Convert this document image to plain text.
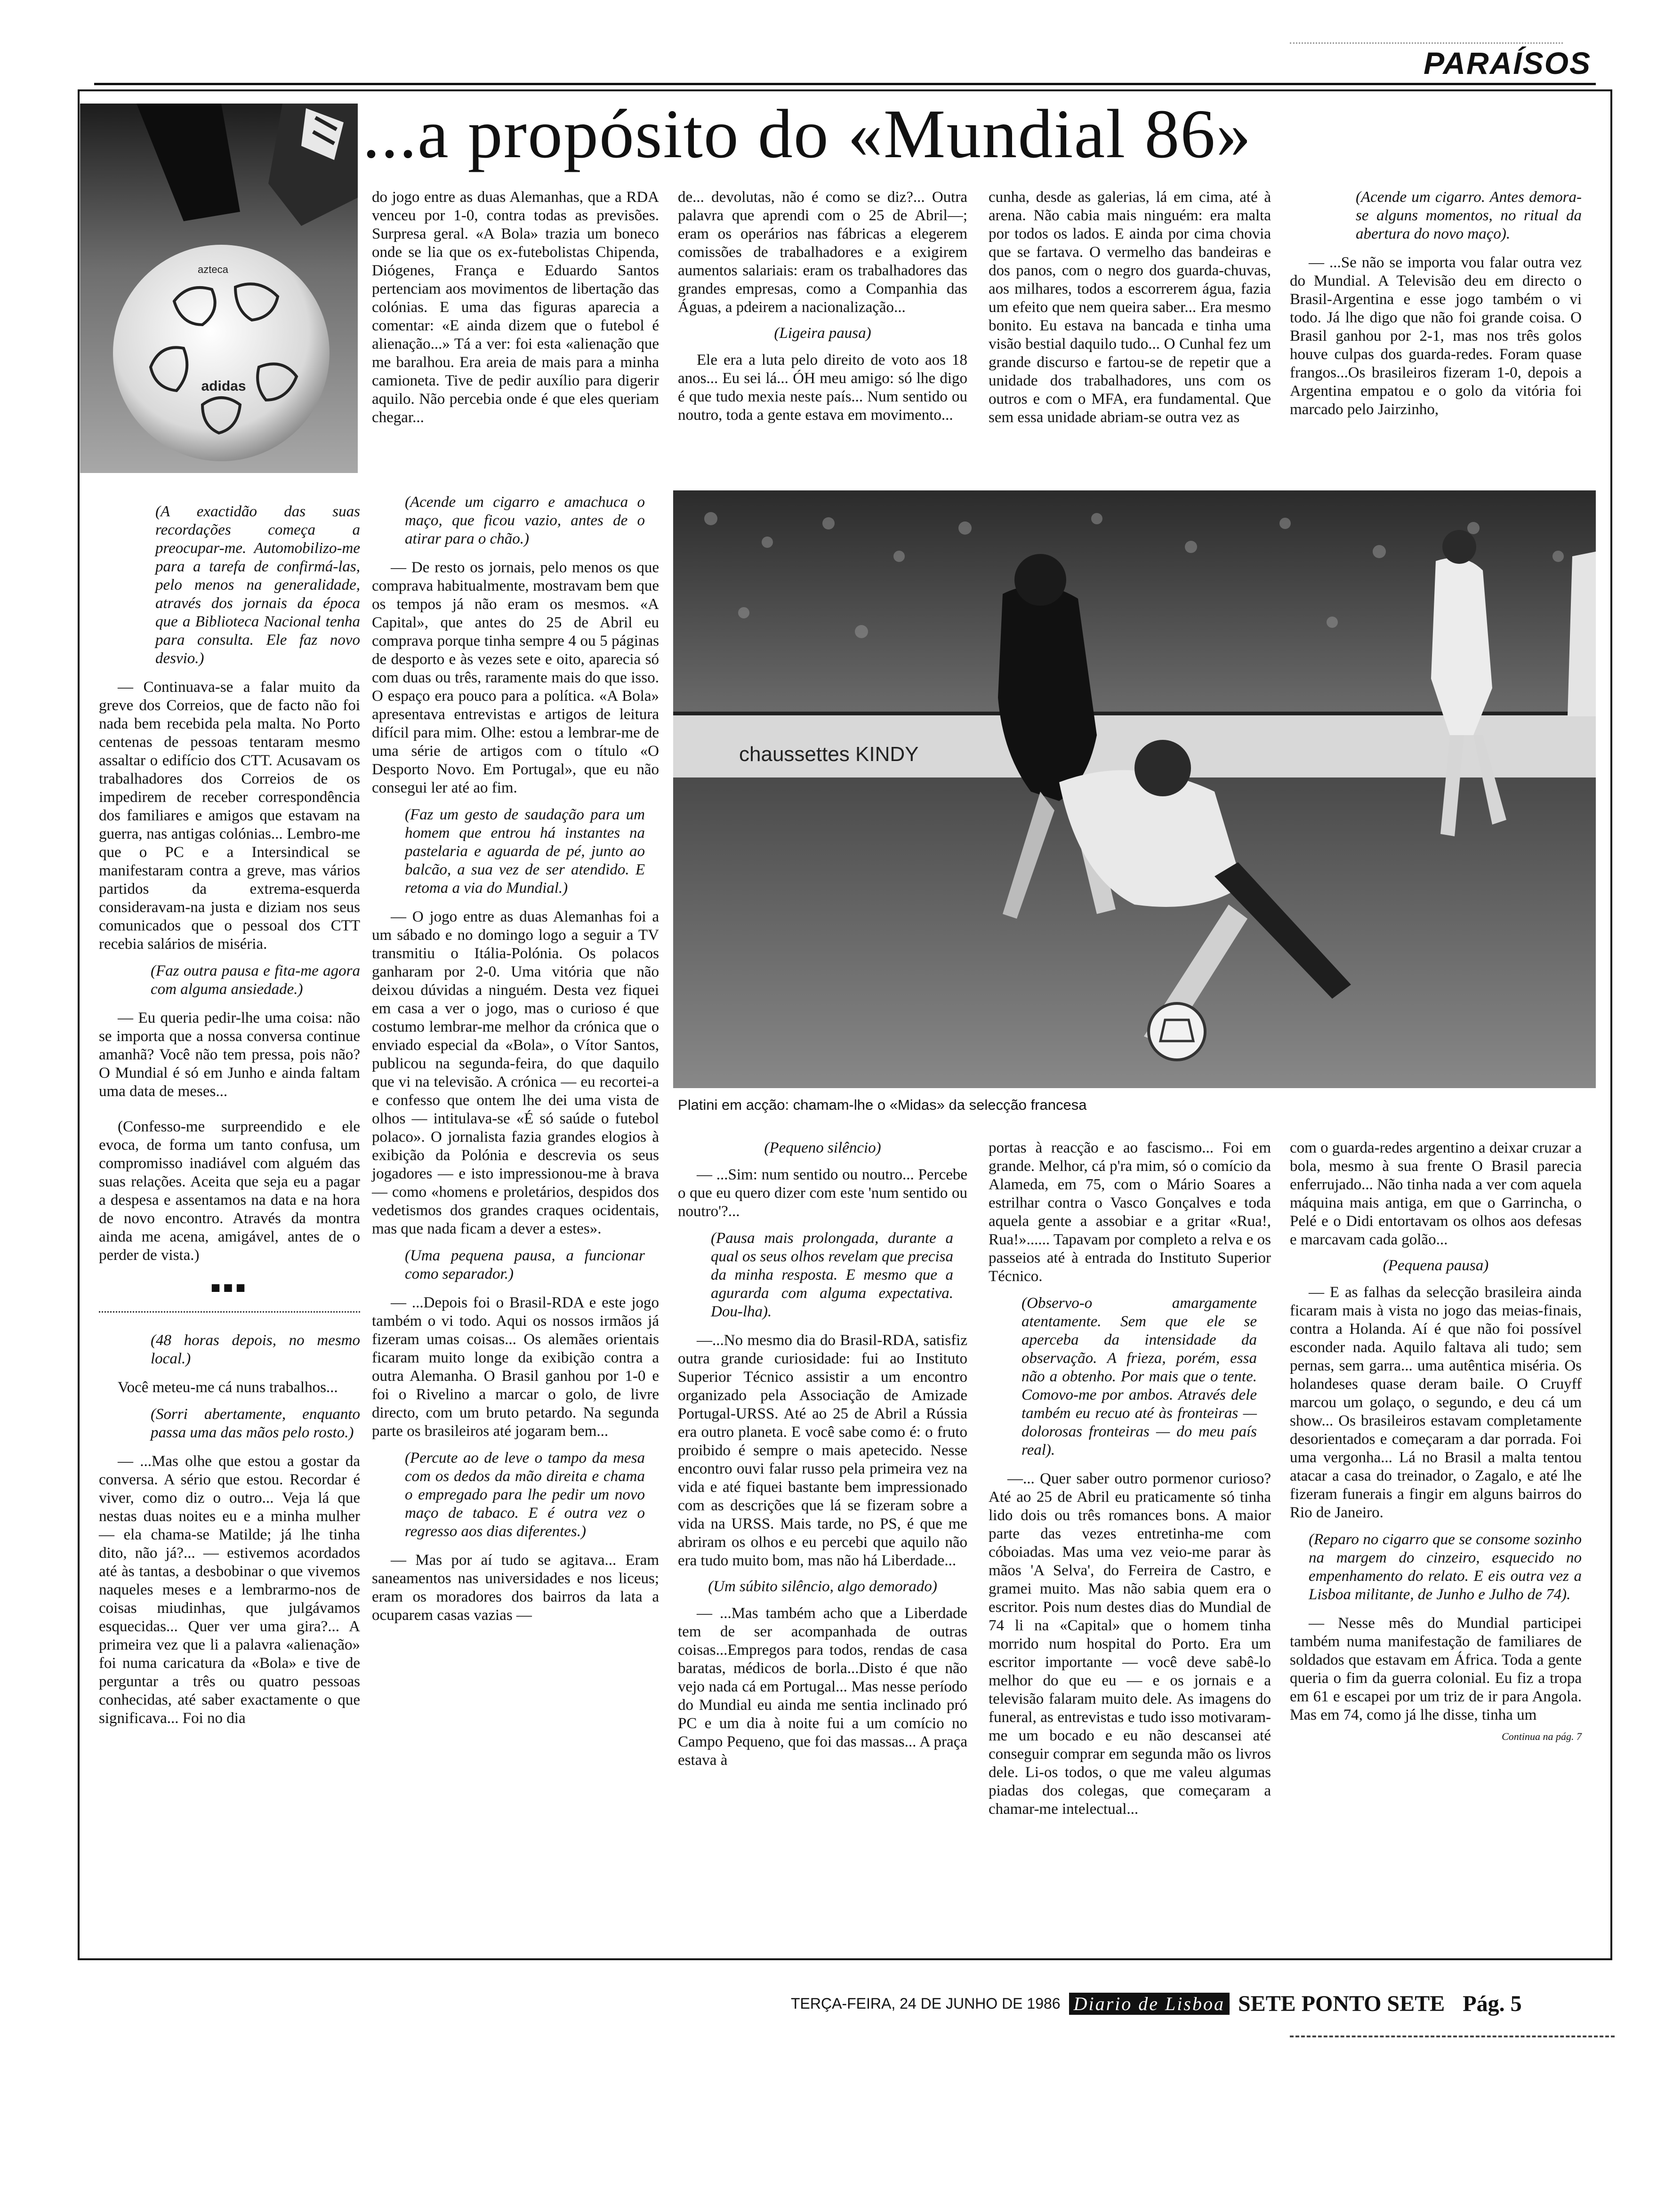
PARAÍSOS
adidas
azteca
...a propósito do «Mundial 86»

(A exactidão das suas recordações começa a preocupar-me. Automobilizo-me para a tarefa de confirmá-las, pelo menos na generalidade, através dos jornais da época que a Biblioteca Nacional tenha para consulta. Ele faz novo desvio.)

— Continuava-se a falar muito da greve dos Correios, que de facto não foi nada bem recebida pela malta. No Porto centenas de pessoas tentaram mesmo assaltar o edifício dos CTT. Acusavam os trabalhadores dos Correios de os impedirem de receber correspondência dos familiares e amigos que estavam na guerra, nas antigas colónias... Lembro-me que o PC e a Intersindical se manifestaram contra a greve, mas vários partidos da extrema-esquerda consideravam-na justa e diziam nos seus comunicados que o pessoal dos CTT recebia salários de miséria.

(Faz outra pausa e fita-me agora com alguma ansiedade.)

— Eu queria pedir-lhe uma coisa: não se importa que a nossa conversa continue amanhã? Você não tem pressa, pois não? O Mundial é só em Junho e ainda faltam uma data de meses...

(Confesso-me surpreendido e ele evoca, de forma um tanto confusa, um compromisso inadiável com alguém das suas relações. Aceita que seja eu a pagar a despesa e assentamos na data e na hora de novo encontro. Através da montra ainda me acena, amigável, antes de o perder de vista.)

■■■

(48 horas depois, no mesmo local.)

Você meteu-me cá nuns trabalhos...

(Sorri abertamente, enquanto passa uma das mãos pelo rosto.)

— ...Mas olhe que estou a gostar da conversa. A sério que estou. Recordar é viver, como diz o outro... Veja lá que nestas duas noites eu e a minha mulher — ela chama-se Matilde; já lhe tinha dito, não já?... — estivemos acordados até às tantas, a desbobinar o que vivemos naqueles meses e a lembrarmo-nos de coisas miudinhas, que julgávamos esquecidas... Quer ver uma gira?... A primeira vez que li a palavra «alienação» foi numa caricatura da «Bola» e tive de perguntar a três ou quatro pessoas conhecidas, até saber exactamente o que significava... Foi no dia

do jogo entre as duas Alemanhas, que a RDA venceu por 1-0, contra todas as previsões. Surpresa geral. «A Bola» trazia um boneco onde se lia que os ex-futebolistas Chipenda, Diógenes, França e Eduardo Santos pertenciam aos movimentos de libertação das colónias. E uma das figuras aparecia a comentar: «E ainda dizem que o futebol é alienação...» Tá a ver: foi esta «alienação que me baralhou. Era areia de mais para a minha camioneta. Tive de pedir auxílio para digerir aquilo. Não percebia onde é que eles queriam chegar...

(Acende um cigarro e amachuca o maço, que ficou vazio, antes de o atirar para o chão.)

— De resto os jornais, pelo menos os que comprava habitualmente, mostravam bem que os tempos já não eram os mesmos. «A Capital», que antes do 25 de Abril eu comprava porque tinha sempre 4 ou 5 páginas de desporto e às vezes sete e oito, aparecia só com duas ou três, raramente mais do que isso. O espaço era pouco para a política. «A Bola» apresentava entrevistas e artigos de leitura difícil para mim. Olhe: estou a lembrar-me de uma série de artigos com o título «O Desporto Novo. Em Portugal», que eu não consegui ler até ao fim.

(Faz um gesto de saudação para um homem que entrou há instantes na pastelaria e aguarda de pé, junto ao balcão, a sua vez de ser atendido. E retoma a via do Mundial.)

— O jogo entre as duas Alemanhas foi a um sábado e no domingo logo a seguir a TV transmitiu o Itália-Polónia. Os polacos ganharam por 2-0. Uma vitória que não deixou dúvidas a ninguém. Desta vez fiquei em casa a ver o jogo, mas o curioso é que costumo lembrar-me melhor da crónica que o enviado especial da «Bola», o Vítor Santos, publicou na segunda-feira, do que daquilo que vi na televisão. A crónica — eu recortei-a e confesso que ontem lhe dei uma vista de olhos — intitulava-se «É só saúde o futebol polaco». O jornalista fazia grandes elogios à exibição da Polónia e descrevia os seus jogadores — e isto impressionou-me à brava — como «homens e proletários, despidos dos vedetismos dos grandes craques ocidentais, mas que nada ficam a dever a estes».

(Uma pequena pausa, a funcionar como separador.)

— ...Depois foi o Brasil-RDA e este jogo também o vi todo. Aqui os nossos irmãos já fizeram umas coisas... Os alemães orientais ficaram muito longe da exibição contra a outra Alemanha. O Brasil ganhou por 1-0 e foi o Rivelino a marcar o golo, de livre directo, com um bruto petardo. Na segunda parte os brasileiros até jogaram bem...

(Percute ao de leve o tampo da mesa com os dedos da mão direita e chama o empregado para lhe pedir um novo maço de tabaco. E é outra vez o regresso aos dias diferentes.)

— Mas por aí tudo se agitava... Eram saneamentos nas universidades e nos liceus; eram os moradores dos bairros da lata a ocuparem casas vazias —

de... devolutas, não é como se diz?... Outra palavra que aprendi com o 25 de Abril—; eram os operários nas fábricas a elegerem comissões de trabalhadores e a exigirem aumentos salariais: eram os trabalhadores das grandes empresas, como a Companhia das Águas, a pdeirem a nacionalização...

(Ligeira pausa)

Ele era a luta pelo direito de voto aos 18 anos... Eu sei lá... ÓH meu amigo: só lhe digo é que tudo mexia neste país... Num sentido ou noutro, toda a gente estava em movimento...

cunha, desde as galerias, lá em cima, até à arena. Não cabia mais ninguém: era malta por todos os lados. E ainda por cima chovia que se fartava. O vermelho das bandeiras e dos panos, com o negro dos guarda-chuvas, aos milhares, todos a escorrerem água, fazia um efeito que nem queira saber... Era mesmo bonito. Eu estava na bancada e tinha uma visão bestial daquilo tudo... O Cunhal fez um grande discurso e fartou-se de repetir que a unidade dos trabalhadores, uns com os outros e com o MFA, era fundamental. Que sem essa unidade abriam-se outra vez as

(Acende um cigarro. Antes demora-se alguns momentos, no ritual da abertura do novo maço).

— ...Se não se importa vou falar outra vez do Mundial. A Televisão deu em directo o Brasil-Argentina e esse jogo também o vi todo. Já lhe digo que não foi grande coisa. O Brasil ganhou por 2-1, mas nos três golos houve culpas dos guarda-redes. Foram quase frangos...Os brasileiros fizeram 1-0, depois a Argentina empatou e o golo da vitória foi marcado pelo Jairzinho,

chaussettes KINDY
Platini em acção: chamam-lhe o «Midas» da selecção francesa

(Pequeno silêncio)

— ...Sim: num sentido ou noutro... Percebe o que eu quero dizer com este 'num sentido ou noutro'?...

(Pausa mais prolongada, durante a qual os seus olhos revelam que precisa da minha resposta. E mesmo que a agurarda com alguma expectativa. Dou-lha).

—...No mesmo dia do Brasil-RDA, satisfiz outra grande curiosidade: fui ao Instituto Superior Técnico assistir a um encontro organizado pela Associação de Amizade Portugal-URSS. Até ao 25 de Abril a Rússia era outro planeta. E você sabe como é: o fruto proibido é sempre o mais apetecido. Nesse encontro ouvi falar russo pela primeira vez na vida e até fiquei bastante bem impressionado com as descrições que lá se fizeram sobre a vida na URSS. Mais tarde, no PS, é que me abriram os olhos e eu percebi que aquilo não era tudo muito bom, mas não há Liberdade...

(Um súbito silêncio, algo demorado)

— ...Mas também acho que a Liberdade tem de ser acompanhada de outras coisas...Empregos para todos, rendas de casa baratas, médicos de borla...Disto é que não vejo nada cá em Portugal... Mas nesse período do Mundial eu ainda me sentia inclinado pró PC e um dia à noite fui a um comício no Campo Pequeno, que foi das massas... A praça estava à

portas à reacção e ao fascismo... Foi em grande. Melhor, cá p'ra mim, só o comício da Alameda, em 75, com o Mário Soares a estrilhar contra o Vasco Gonçalves e toda aquela gente a assobiar e a gritar «Rua!, Rua!»...... Tapavam por completo a relva e os passeios até à entrada do Instituto Superior Técnico.

(Observo-o amargamente atentamente. Sem que ele se aperceba da intensidade da observação. A frieza, porém, essa não a obtenho. Por mais que o tente. Comovo-me por ambos. Através dele também eu recuo até às fronteiras — dolorosas fronteiras — do meu país real).

—... Quer saber outro pormenor curioso? Até ao 25 de Abril eu praticamente só tinha lido dois ou três romances bons. A maior parte das vezes entretinha-me com cóboiadas. Mas uma vez veio-me parar às mãos 'A Selva', do Ferreira de Castro, e gramei muito. Mas não sabia quem era o escritor. Pois num destes dias do Mundial de 74 li na «Capital» que o homem tinha morrido num hospital do Porto. Era um escritor importante — você deve sabê-lo melhor do que eu — e os jornais e a televisão falaram muito dele. As imagens do funeral, as entrevistas e tudo isso motivaram-me um bocado e eu não descansei até conseguir comprar em segunda mão os livros dele. Li-os todos, o que me valeu algumas piadas dos colegas, que começaram a chamar-me intelectual...

com o guarda-redes argentino a deixar cruzar a bola, mesmo à sua frente O Brasil parecia enferrujado... Não tinha nada a ver com aquela máquina mais antiga, em que o Garrincha, o Pelé e o Didi entortavam os olhos aos defesas e marcavam cada golão...

(Pequena pausa)

— E as falhas da selecção brasileira ainda ficaram mais à vista no jogo das meias-finais, contra a Holanda. Aí é que não foi possível esconder nada. Aquilo faltava ali tudo; sem pernas, sem garra... uma autêntica miséria. Os holandeses quase deram baile. O Cruyff marcou um golaço, o segundo, e deu cá um show... Os brasileiros estavam completamente desorientados e começaram a dar porrada. Foi uma vergonha... Lá no Brasil a malta tentou atacar a casa do treinador, o Zagalo, e até lhe fizeram funerais a fingir em alguns bairros do Rio de Janeiro.

(Reparo no cigarro que se consome sozinho na margem do cinzeiro, esquecido no empenhamento do relato. E eis outra vez a Lisboa militante, de Junho e Julho de 74).

— Nesse mês do Mundial participei também numa manifestação de familiares de soldados que estavam em África. Toda a gente queria o fim da guerra colonial. Eu fiz a tropa em 61 e escapei por um triz de ir para Angola. Mas em 74, como já lhe disse, tinha um

Continua na pág. 7
TERÇA-FEIRA, 24 DE JUNHO DE 1986 Diario de Lisboa SETE PONTO SETE Pág. 5
